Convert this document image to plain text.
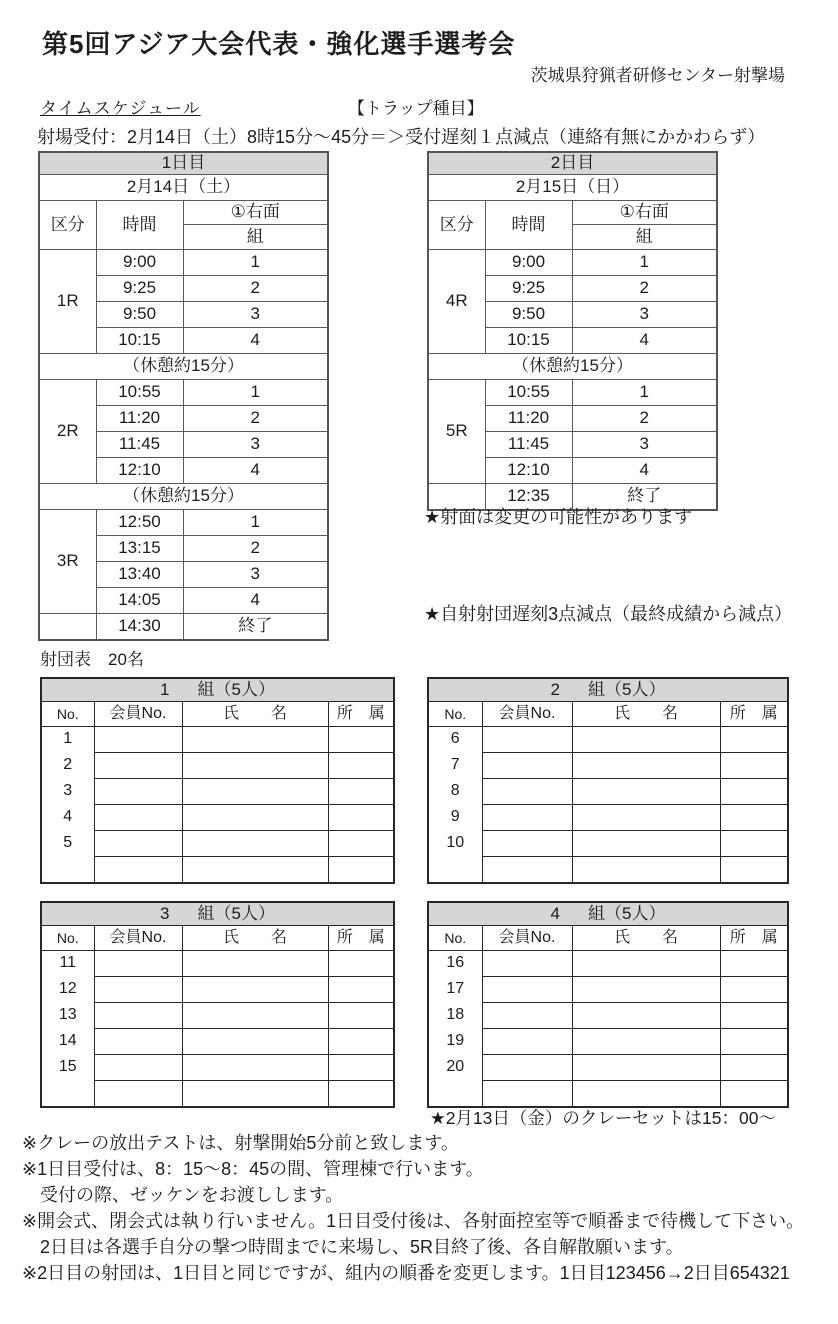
第5回アジア大会代表・強化選手選考会
茨城県狩猟者研修センター射撃場
タイムスケジュール	【トラップ種目】
射場受付：2月14日（土）8時15分～45分＝＞受付遅刻１点減点（連絡有無にかかわらず）
1日目		
2月14日（土）		
区分	時間	①右面
		組
1R	9:00	1
	9:25	2
	9:50	3
	10:15	4
（休憩約15分）		
2R	10:55	1
	11:20	2
	11:45	3
	12:10	4
（休憩約15分）		
3R	12:50	1
	13:15	2
	13:40	3
	14:05	4
	14:30	終了
2日目		
2月15日（日）		
区分	時間	①右面
		組
4R	9:00	1
	9:25	2
	9:50	3
	10:15	4
（休憩約15分）		
5R	10:55	1
	11:20	2
	11:45	3
	12:10	4
	12:35	終了
★射面は変更の可能性があります
★自射射団遅刻3点減点（最終成績から減点）
射団表　20名
1 組（5人）			
No.	会員No.	氏　　名	所　属
1			
2			
3			
4			
5			

2 組（5人）			
No.	会員No.	氏　　名	所　属
6			
7			
8			
9			
10			

3 組（5人）			
No.	会員No.	氏　　名	所　属
11			
12			
13			
14			
15			

4 組（5人）			
No.	会員No.	氏　　名	所　属
16			
17			
18			
19			
20			

★2月13日（金）のクレーセットは15：00～
※クレーの放出テストは、射撃開始5分前と致します。
※1日目受付は、8：15～8：45の間、管理棟で行います。
　受付の際、ゼッケンをお渡しします。
※開会式、閉会式は執り行いません。1日目受付後は、各射面控室等で順番まで待機して下さい。
　2日目は各選手自分の撃つ時間までに来場し、5R目終了後、各自解散願います。
※2日目の射団は、1日目と同じですが、組内の順番を変更します。1日目123456→2日目654321
